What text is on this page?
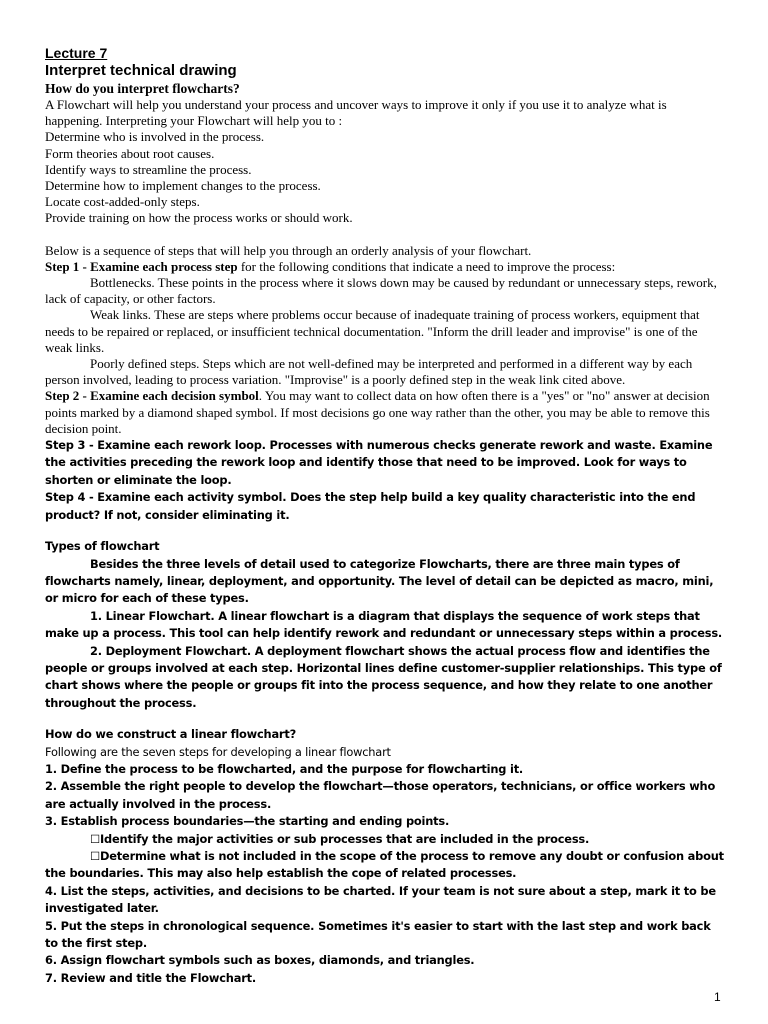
Lecture 7

Interpret technical drawing

How do you interpret flowcharts?

A Flowchart will help you understand your process and uncover ways to improve it only if you use it to analyze what is happening. Interpreting your Flowchart will help you to :

Determine who is involved in the process.

Form theories about root causes.

Identify ways to streamline the process.

Determine how to implement changes to the process.

Locate cost-added-only steps.

Provide training on how the process works or should work.

Below is a sequence of steps that will help you through an orderly analysis of your flowchart.

Step 1 - Examine each process step for the following conditions that indicate a need to improve the process:

Bottlenecks. These points in the process where it slows down may be caused by redundant or unnecessary steps, rework, lack of capacity, or other factors.

Weak links. These are steps where problems occur because of inadequate training of process workers, equipment that needs to be repaired or replaced, or insufficient technical documentation. "Inform the drill leader and improvise" is one of the weak links.

Poorly defined steps. Steps which are not well-defined may be interpreted and performed in a different way by each person involved, leading to process variation. "Improvise" is a poorly defined step in the weak link cited above.

Step 2 - Examine each decision symbol. You may want to collect data on how often there is a "yes" or "no" answer at decision points marked by a diamond shaped symbol. If most decisions go one way rather than the other, you may be able to remove this decision point.

Step 3 - Examine each rework loop. Processes with numerous checks generate rework and waste. Examine the activities preceding the rework loop and identify those that need to be improved. Look for ways to shorten or eliminate the loop.

Step 4 - Examine each activity symbol. Does the step help build a key quality characteristic into the end product? If not, consider eliminating it.

Types of flowchart

Besides the three levels of detail used to categorize Flowcharts, there are three main types of flowcharts namely, linear, deployment, and opportunity. The level of detail can be depicted as macro, mini, or micro for each of these types.

1. Linear Flowchart. A linear flowchart is a diagram that displays the sequence of work steps that make up a process. This tool can help identify rework and redundant or unnecessary steps within a process.

2. Deployment Flowchart. A deployment flowchart shows the actual process flow and identifies the people or groups involved at each step. Horizontal lines define customer-supplier relationships. This type of chart shows where the people or groups fit into the process sequence, and how they relate to one another throughout the process.

How do we construct a linear flowchart?

Following are the seven steps for developing a linear flowchart

1. Define the process to be flowcharted, and the purpose for flowcharting it.

2. Assemble the right people to develop the flowchart—those operators, technicians, or office workers who are actually involved in the process.

3. Establish process boundaries—the starting and ending points.

☐Identify the major activities or sub processes that are included in the process.

☐Determine what is not included in the scope of the process to remove any doubt or confusion about the boundaries. This may also help establish the cope of related processes.

4. List the steps, activities, and decisions to be charted. If your team is not sure about a step, mark it to be investigated later.

5. Put the steps in chronological sequence. Sometimes it's easier to start with the last step and work back to the first step.

6. Assign flowchart symbols such as boxes, diamonds, and triangles.

7. Review and title the Flowchart.

1
